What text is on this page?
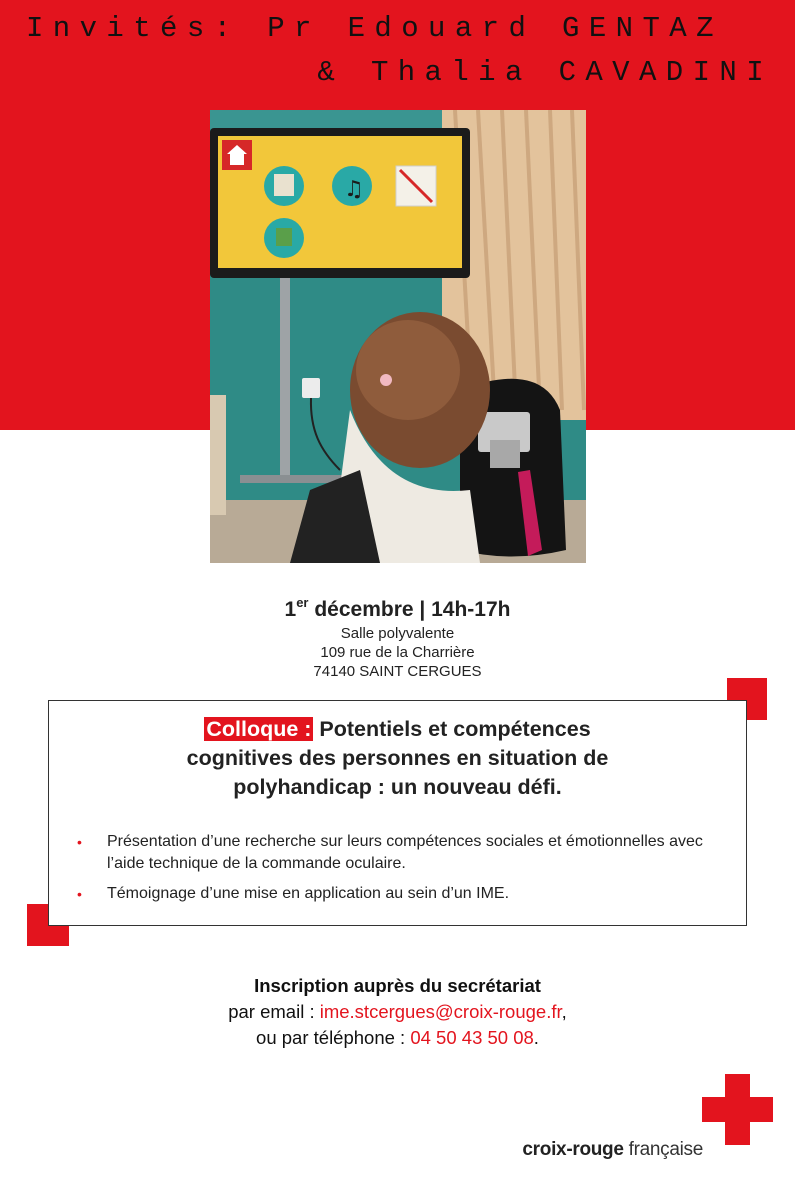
Invités: Pr Edouard GENTAZ
& Thalia CAVADINI
♫
1er décembre | 14h-17h
Salle polyvalente
109 rue de la Charrière
74140 SAINT CERGUES
Colloque : Potentiels et compétences
cognitives des personnes en situation de
polyhandicap : un nouveau défi.
• Présentation d’une recherche sur leurs compétences sociales et émotionnelles avec l’aide technique de la commande oculaire.
• Témoignage d’une mise en application au sein d’un IME.
Inscription auprès du secrétariat
par email : ime.stcergues@croix-rouge.fr,
ou par téléphone : 04 50 43 50 08.
croix-rouge française
